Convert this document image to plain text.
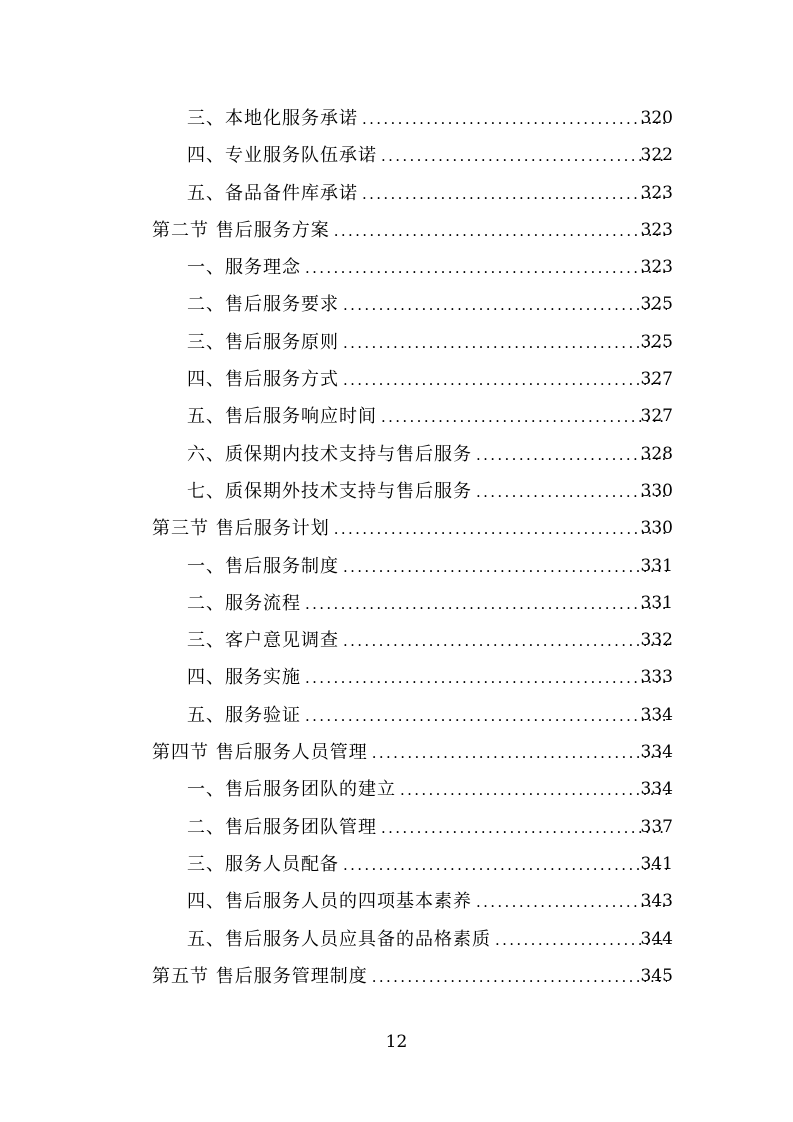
三、本地化服务承诺 . . .	320
四、专业服务队伍承诺 . . .	322
五、备品备件库承诺 . . .	323
第二节 售后服务方案 . . .	323
一、服务理念 . . .	323
二、售后服务要求 . . .	325
三、售后服务原则 . . .	325
四、售后服务方式 . . .	327
五、售后服务响应时间 . . .	327
六、质保期内技术支持与售后服务 . . .	328
七、质保期外技术支持与售后服务 . . .	330
第三节 售后服务计划 . . .	330
一、售后服务制度 . . .	331
二、服务流程 . . .	331
三、客户意见调查 . . .	332
四、服务实施 . . .	333
五、服务验证 . . .	334
第四节 售后服务人员管理 . . .	334
一、售后服务团队的建立 . . .	334
二、售后服务团队管理 . . .	337
三、服务人员配备 . . .	341
四、售后服务人员的四项基本素养 . . .	343
五、售后服务人员应具备的品格素质 . . .	344
第五节 售后服务管理制度 . . .	345
12
